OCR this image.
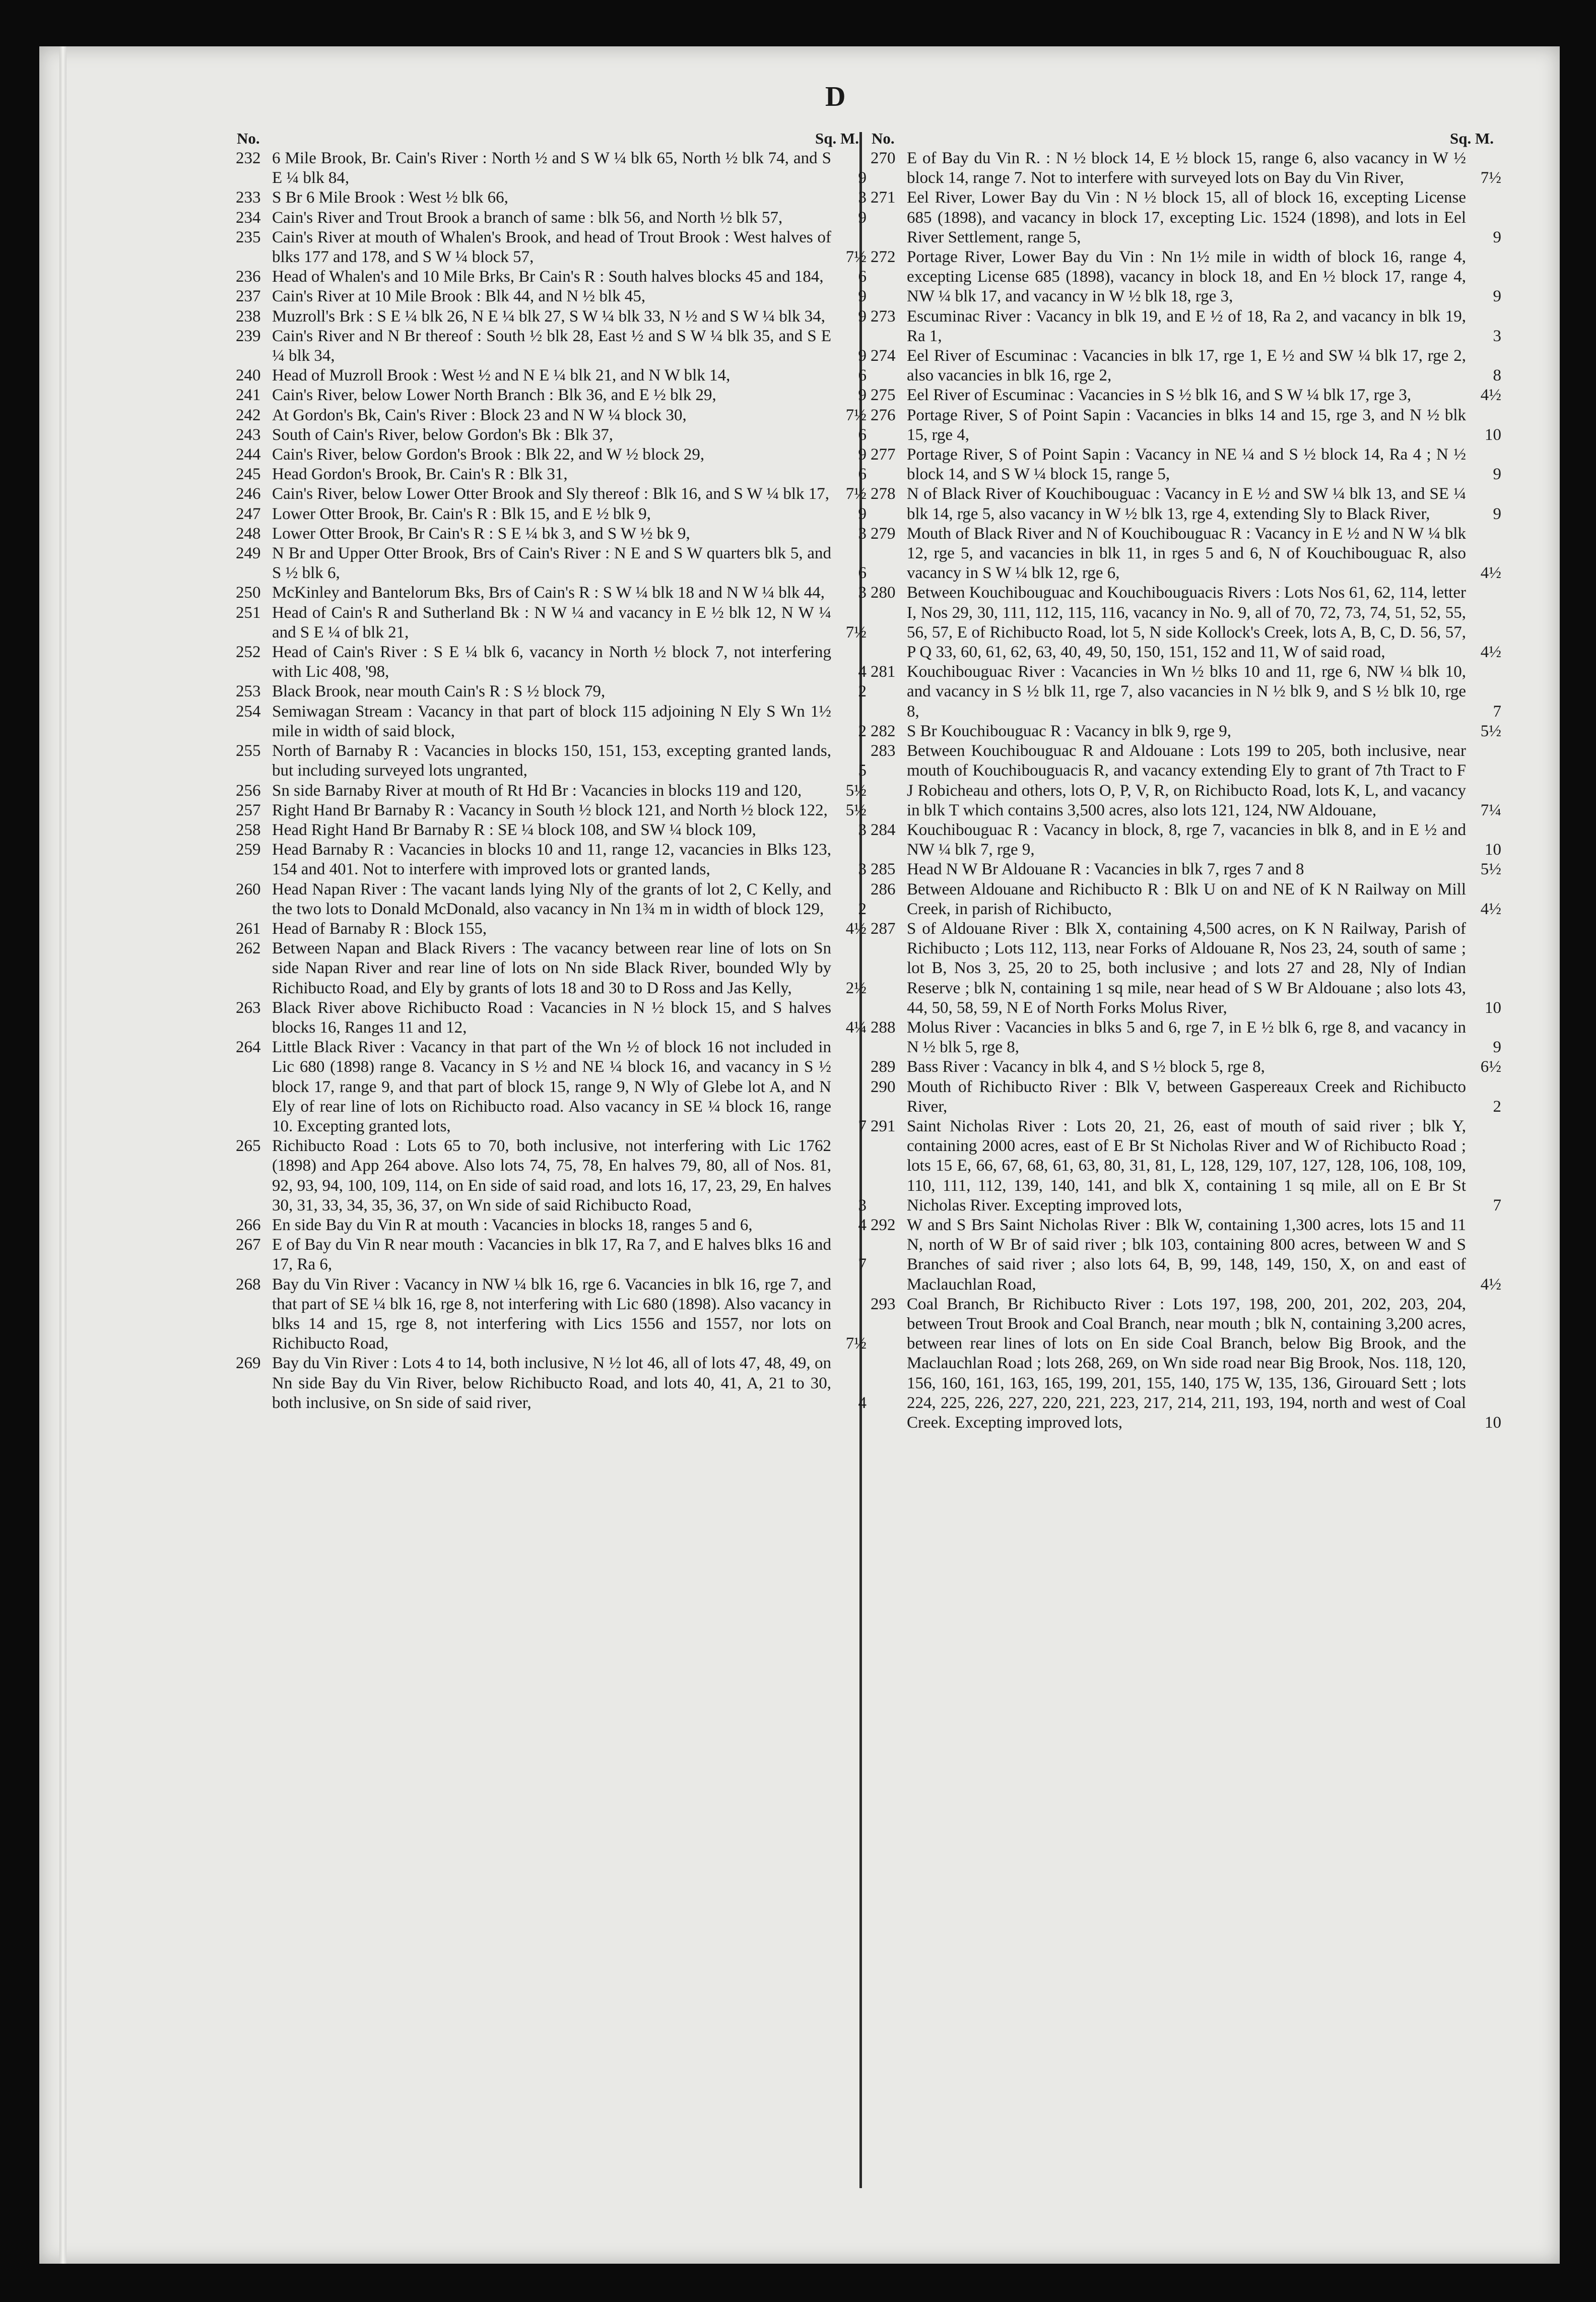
D
No.	Sq. M.
232 6 Mile Brook, Br. Cain's River : North ½ and S W ¼ blk 65, North ½ blk 74, and S E ¼ blk 84,	9
233 S Br 6 Mile Brook : West ½ blk 66,	3
234 Cain's River and Trout Brook a branch of same : blk 56, and North ½ blk 57,	9
235 Cain's River at mouth of Whalen's Brook, and head of Trout Brook : West halves of blks 177 and 178, and S W ¼ block 57,	7½
236 Head of Whalen's and 10 Mile Brks, Br Cain's R : South halves blocks 45 and 184,	6
237 Cain's River at 10 Mile Brook : Blk 44, and N ½ blk 45,	9
238 Muzroll's Brk : S E ¼ blk 26, N E ¼ blk 27, S W ¼ blk 33, N ½ and S W ¼ blk 34,	9
239 Cain's River and N Br thereof : South ½ blk 28, East ½ and S W ¼ blk 35, and S E ¼ blk 34,	9
240 Head of Muzroll Brook : West ½ and N E ¼ blk 21, and N W blk 14,	6
241 Cain's River, below Lower North Branch : Blk 36, and E ½ blk 29,	9
242 At Gordon's Bk, Cain's River : Block 23 and N W ¼ block 30,	7½
243 South of Cain's River, below Gordon's Bk : Blk 37,	6
244 Cain's River, below Gordon's Brook : Blk 22, and W ½ block 29,	9
245 Head Gordon's Brook, Br. Cain's R : Blk 31,	6
246 Cain's River, below Lower Otter Brook and Sly thereof : Blk 16, and S W ¼ blk 17, 7½
247 Lower Otter Brook, Br. Cain's R : Blk 15, and E ½ blk 9,	9
248 Lower Otter Brook, Br Cain's R : S E ¼ bk 3, and S W ½ bk 9,	3
249 N Br and Upper Otter Brook, Brs of Cain's River : N E and S W quarters blk 5, and S ½ blk 6,	6
250 McKinley and Bantelorum Bks, Brs of Cain's R : S W ¼ blk 18 and N W ¼ blk 44,	3
251 Head of Cain's R and Sutherland Bk : N W ¼ and vacancy in E ½ blk 12, N W ¼ and S E ¼ of blk 21,	7½
252 Head of Cain's River : S E ¼ blk 6, vacancy in North ½ block 7, not interfering with Lic 408, '98,	4
253 Black Brook, near mouth Cain's R : S ½ block 79,	2
254 Semiwagan Stream : Vacancy in that part of block 115 adjoining N Ely S Wn 1½ mile in width of said block,	2
255 North of Barnaby R : Vacancies in blocks 150, 151, 153, excepting granted lands, but including surveyed lots ungranted,	5
256 Sn side Barnaby River at mouth of Rt Hd Br : Vacancies in blocks 119 and 120,	5½
257 Right Hand Br Barnaby R : Vacancy in South ½ block 121, and North ½ block 122,	5½
258 Head Right Hand Br Barnaby R : SE ¼ block 108, and SW ¼ block 109,	3
259 Head Barnaby R : Vacancies in blocks 10 and 11, range 12, vacancies in Blks 123, 154 and 401. Not to interfere with improved lots or granted lands,	3
260 Head Napan River : The vacant lands lying Nly of the grants of lot 2, C Kelly, and the two lots to Donald McDonald, also vacancy in Nn 1¾ m in width of block 129,	2
261 Head of Barnaby R : Block 155,	4½
262 Between Napan and Black Rivers : The vacancy between rear line of lots on Sn side Napan River and rear line of lots on Nn side Black River, bounded Wly by Richibucto Road, and Ely by grants of lots 18 and 30 to D Ross and Jas Kelly,	2½
263 Black River above Richibucto Road : Vacancies in N ½ block 15, and S halves blocks 16, Ranges 11 and 12,	4¼
264 Little Black River : Vacancy in that part of the Wn ½ of block 16 not included in Lic 680 (1898) range 8. Vacancy in S ½ and NE ¼ block 16, and vacancy in S ½ block 17, range 9, and that part of block 15, range 9, N Wly of Glebe lot A, and N Ely of rear line of lots on Richibucto road. Also vacancy in SE ¼ block 16, range 10. Excepting granted lots,	7
265 Richibucto Road : Lots 65 to 70, both inclusive, not interfering with Lic 1762 (1898) and App 264 above. Also lots 74, 75, 78, En halves 79, 80, all of Nos. 81, 92, 93, 94, 100, 109, 114, on En side of said road, and lots 16, 17, 23, 29, En halves 30, 31, 33, 34, 35, 36, 37, on Wn side of said Richibucto Road,	3
266 En side Bay du Vin R at mouth : Vacancies in blocks 18, ranges 5 and 6,	4
267 E of Bay du Vin R near mouth : Vacancies in blk 17, Ra 7, and E halves blks 16 and 17, Ra 6,	7
268 Bay du Vin River : Vacancy in NW ¼ blk 16, rge 6. Vacancies in blk 16, rge 7, and that part of SE ¼ blk 16, rge 8, not interfering with Lic 680 (1898). Also vacancy in blks 14 and 15, rge 8, not interfering with Lics 1556 and 1557, nor lots on Richibucto Road,	7½
269 Bay du Vin River : Lots 4 to 14, both inclusive, N ½ lot 46, all of lots 47, 48, 49, on Nn side Bay du Vin River, below Richibucto Road, and lots 40, 41, A, 21 to 30, both inclusive, on Sn side of said river,	4
No.	Sq. M.
270 E of Bay du Vin R. : N ½ block 14, E ½ block 15, range 6, also vacancy in W ½ block 14, range 7. Not to interfere with surveyed lots on Bay du Vin River,	7½
271 Eel River, Lower Bay du Vin : N ½ block 15, all of block 16, excepting License 685 (1898), and vacancy in block 17, excepting Lic. 1524 (1898), and lots in Eel River Settlement, range 5,	9
272 Portage River, Lower Bay du Vin : Nn 1½ mile in width of block 16, range 4, excepting License 685 (1898), vacancy in block 18, and En ½ block 17, range 4, NW ¼ blk 17, and vacancy in W ½ blk 18, rge 3,	9
273 Escuminac River : Vacancy in blk 19, and E ½ of 18, Ra 2, and vacancy in blk 19, Ra 1,	3
274 Eel River of Escuminac : Vacancies in blk 17, rge 1, E ½ and SW ¼ blk 17, rge 2, also vacancies in blk 16, rge 2,	8
275 Eel River of Escuminac : Vacancies in S ½ blk 16, and S W ¼ blk 17, rge 3,	4½
276 Portage River, S of Point Sapin : Vacancies in blks 14 and 15, rge 3, and N ½ blk 15, rge 4,	10
277 Portage River, S of Point Sapin : Vacancy in NE ¼ and S ½ block 14, Ra 4 ; N ½ block 14, and S W ¼ block 15, range 5,	9
278 N of Black River of Kouchibouguac : Vacancy in E ½ and SW ¼ blk 13, and SE ¼ blk 14, rge 5, also vacancy in W ½ blk 13, rge 4, extending Sly to Black River,	9
279 Mouth of Black River and N of Kouchibouguac R : Vacancy in E ½ and N W ¼ blk 12, rge 5, and vacancies in blk 11, in rges 5 and 6, N of Kouchibouguac R, also vacancy in S W ¼ blk 12, rge 6,	4½
280 Between Kouchibouguac and Kouchibouguacis Rivers : Lots Nos 61, 62, 114, letter I, Nos 29, 30, 111, 112, 115, 116, vacancy in No. 9, all of 70, 72, 73, 74, 51, 52, 55, 56, 57, E of Richibucto Road, lot 5, N side Kollock's Creek, lots A, B, C, D. 56, 57, P Q 33, 60, 61, 62, 63, 40, 49, 50, 150, 151, 152 and 11, W of said road,	4½
281 Kouchibouguac River : Vacancies in Wn ½ blks 10 and 11, rge 6, NW ¼ blk 10, and vacancy in S ½ blk 11, rge 7, also vacancies in N ½ blk 9, and S ½ blk 10, rge 8,	7
282 S Br Kouchibouguac R : Vacancy in blk 9, rge 9,	5½
283 Between Kouchibouguac R and Aldouane : Lots 199 to 205, both inclusive, near mouth of Kouchibouguacis R, and vacancy extending Ely to grant of 7th Tract to F J Robicheau and others, lots O, P, V, R, on Richibucto Road, lots K, L, and vacancy in blk T which contains 3,500 acres, also lots 121, 124, NW Aldouane,	7¼
284 Kouchibouguac R : Vacancy in block, 8, rge 7, vacancies in blk 8, and in E ½ and NW ¼ blk 7, rge 9,	10
285 Head N W Br Aldouane R : Vacancies in blk 7, rges 7 and 8	5½
286 Between Aldouane and Richibucto R : Blk U on and NE of K N Railway on Mill Creek, in parish of Richibucto,	4½
287 S of Aldouane River : Blk X, containing 4,500 acres, on K N Railway, Parish of Richibucto ; Lots 112, 113, near Forks of Aldouane R, Nos 23, 24, south of same ; lot B, Nos 3, 25, 20 to 25, both inclusive ; and lots 27 and 28, Nly of Indian Reserve ; blk N, containing 1 sq mile, near head of S W Br Aldouane ; also lots 43, 44, 50, 58, 59, N E of North Forks Molus River,	10
288 Molus River : Vacancies in blks 5 and 6, rge 7, in E ½ blk 6, rge 8, and vacancy in N ½ blk 5, rge 8,	9
289 Bass River : Vacancy in blk 4, and S ½ block 5, rge 8,	6½
290 Mouth of Richibucto River : Blk V, between Gaspereaux Creek and Richibucto River,	2
291 Saint Nicholas River : Lots 20, 21, 26, east of mouth of said river ; blk Y, containing 2000 acres, east of E Br St Nicholas River and W of Richibucto Road ; lots 15 E, 66, 67, 68, 61, 63, 80, 31, 81, L, 128, 129, 107, 127, 128, 106, 108, 109, 110, 111, 112, 139, 140, 141, and blk X, containing 1 sq mile, all on E Br St Nicholas River. Excepting improved lots,	7
292 W and S Brs Saint Nicholas River : Blk W, containing 1,300 acres, lots 15 and 11 N, north of W Br of said river ; blk 103, containing 800 acres, between W and S Branches of said river ; also lots 64, B, 99, 148, 149, 150, X, on and east of Maclauchlan Road,	4½
293 Coal Branch, Br Richibucto River : Lots 197, 198, 200, 201, 202, 203, 204, between Trout Brook and Coal Branch, near mouth ; blk N, containing 3,200 acres, between rear lines of lots on En side Coal Branch, below Big Brook, and the Maclauchlan Road ; lots 268, 269, on Wn side road near Big Brook, Nos. 118, 120, 156, 160, 161, 163, 165, 199, 201, 155, 140, 175 W, 135, 136, Girouard Sett ; lots 224, 225, 226, 227, 220, 221, 223, 217, 214, 211, 193, 194, north and west of Coal Creek. Excepting improved lots,	10
